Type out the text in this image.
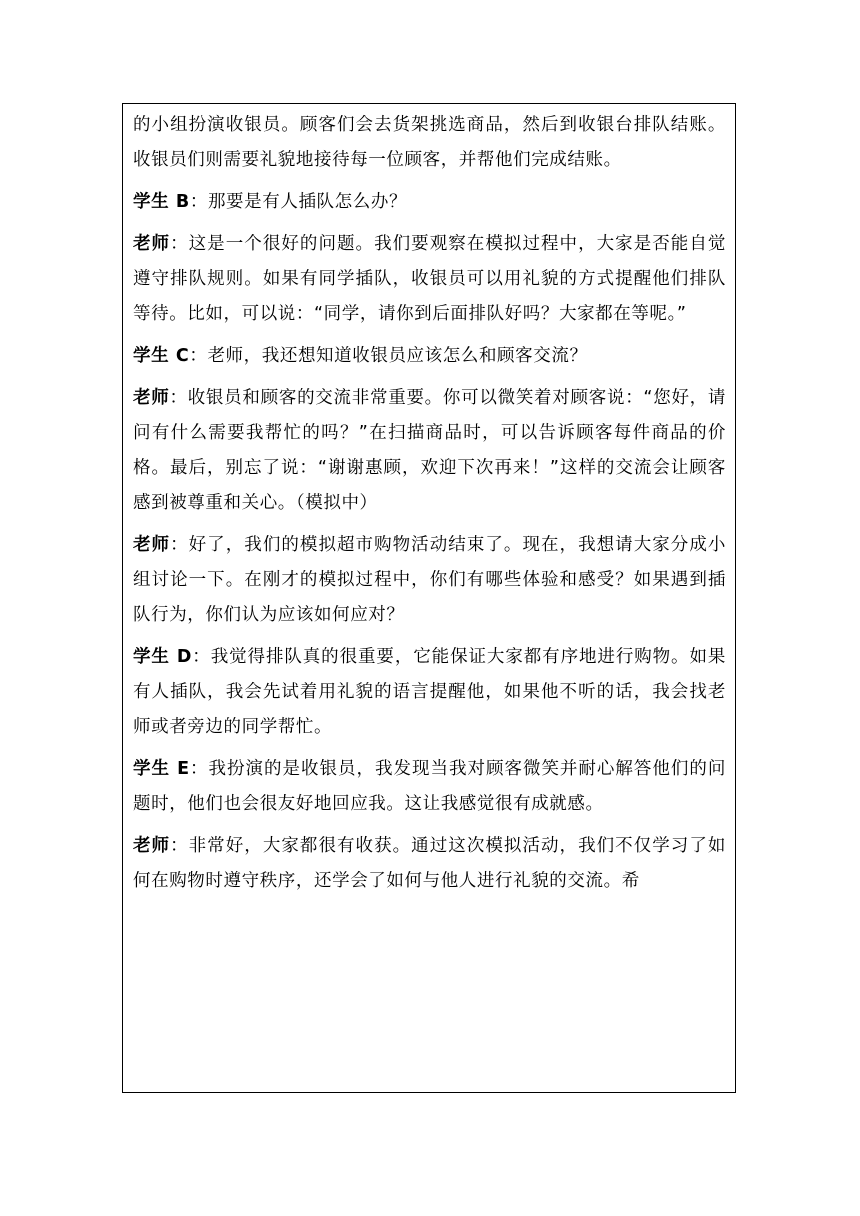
的小组扮演收银员。顾客们会去货架挑选商品，然后到收银台排队结账。收银员们则需要礼貌地接待每一位顾客，并帮他们完成结账。

学生 B：那要是有人插队怎么办？

老师：这是一个很好的问题。我们要观察在模拟过程中，大家是否能自觉遵守排队规则。如果有同学插队，收银员可以用礼貌的方式提醒他们排队等待。比如，可以说：“同学，请你到后面排队好吗？大家都在等呢。”

学生 C：老师，我还想知道收银员应该怎么和顾客交流？

老师：收银员和顾客的交流非常重要。你可以微笑着对顾客说：“您好，请问有什么需要我帮忙的吗？”在扫描商品时，可以告诉顾客每件商品的价格。最后，别忘了说：“谢谢惠顾，欢迎下次再来！”这样的交流会让顾客感到被尊重和关心。（模拟中）

老师：好了，我们的模拟超市购物活动结束了。现在，我想请大家分成小组讨论一下。在刚才的模拟过程中，你们有哪些体验和感受？如果遇到插队行为，你们认为应该如何应对？

学生 D：我觉得排队真的很重要，它能保证大家都有序地进行购物。如果有人插队，我会先试着用礼貌的语言提醒他，如果他不听的话，我会找老师或者旁边的同学帮忙。

学生 E：我扮演的是收银员，我发现当我对顾客微笑并耐心解答他们的问题时，他们也会很友好地回应我。这让我感觉很有成就感。

老师：非常好，大家都很有收获。通过这次模拟活动，我们不仅学习了如何在购物时遵守秩序，还学会了如何与他人进行礼貌的交流。希
